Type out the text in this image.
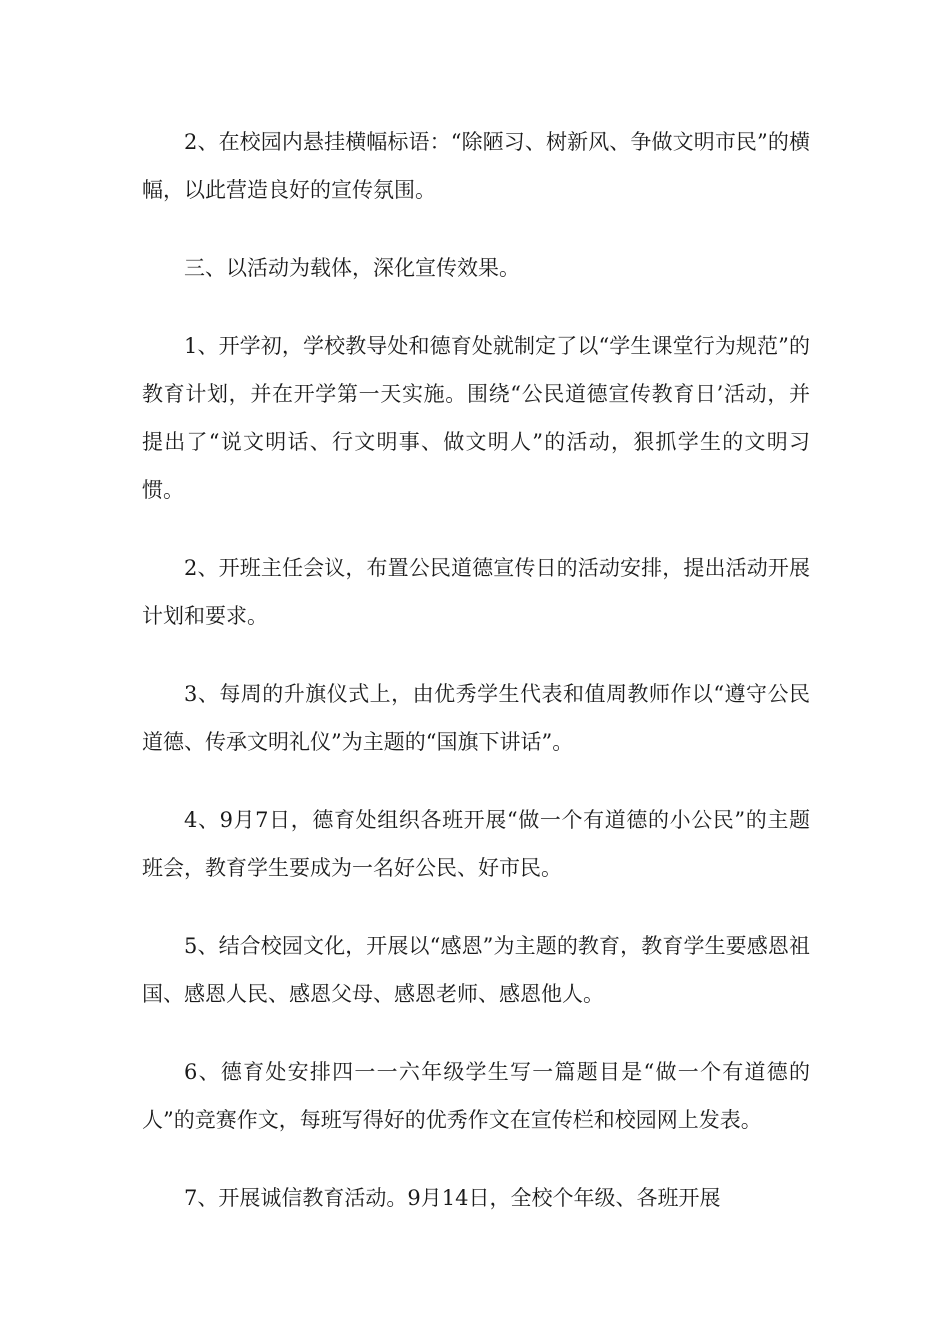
2、在校园内悬挂横幅标语：“除陋习、树新风、争做文明市民”的横幅，以此营造良好的宣传氛围。

三、以活动为载体，深化宣传效果。

1、开学初，学校教导处和德育处就制定了以“学生课堂行为规范”的教育计划，并在开学第一天实施。围绕“公民道德宣传教育日’活动，并提出了“说文明话、行文明事、做文明人”的活动，狠抓学生的文明习惯。

2、开班主任会议，布置公民道德宣传日的活动安排，提出活动开展计划和要求。

3、每周的升旗仪式上，由优秀学生代表和值周教师作以“遵守公民道德、传承文明礼仪”为主题的“国旗下讲话”。

4、9月7日，德育处组织各班开展“做一个有道德的小公民”的主题班会，教育学生要成为一名好公民、好市民。

5、结合校园文化，开展以“感恩”为主题的教育，教育学生要感恩祖国、感恩人民、感恩父母、感恩老师、感恩他人。

6、德育处安排四一一六年级学生写一篇题目是“做一个有道德的人”的竞赛作文，每班写得好的优秀作文在宣传栏和校园网上发表。

7、开展诚信教育活动。9月14日，全校个年级、各班开展
